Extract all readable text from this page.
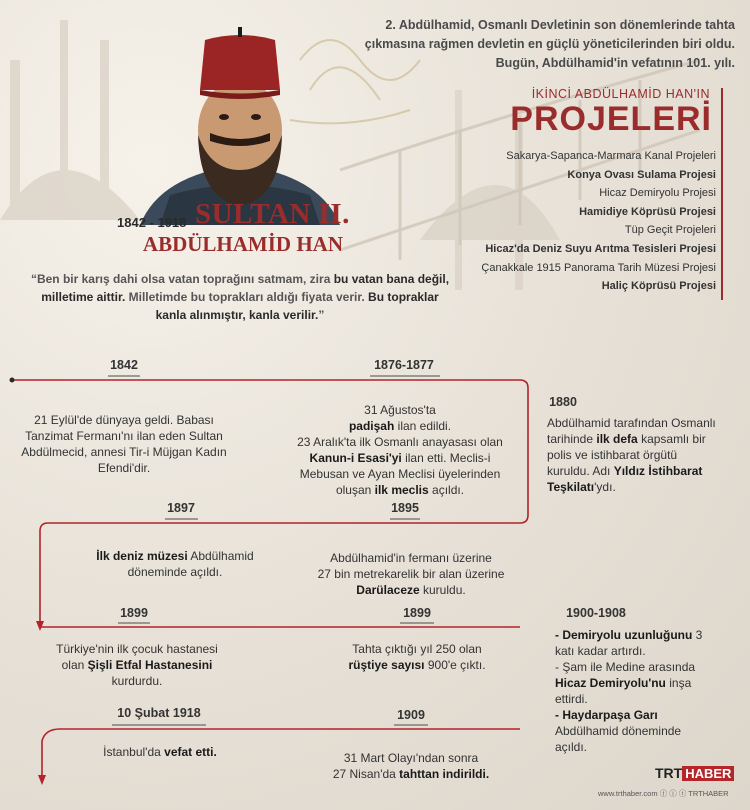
2. Abdülhamid, Osmanlı Devletinin son dönemlerinde tahta çıkmasına rağmen devletin en güçlü yöneticilerinden biri oldu. Bugün, Abdülhamid'in vefatının 101. yılı.
İKİNCİ ABDÜLHAMİD HAN'IN
PROJELERİ
Sakarya-Sapanca-Marmara Kanal Projeleri
Konya Ovası Sulama Projesi
Hicaz Demiryolu Projesi
Hamidiye Köprüsü Projesi
Tüp Geçit Projeleri
Hicaz'da Deniz Suyu Arıtma Tesisleri Projesi
Çanakkale 1915 Panorama Tarih Müzesi Projesi
Haliç Köprüsü Projesi
1842 - 1918 SULTAN II.
ABDÜLHAMİD HAN
“Ben bir karış dahi olsa vatan toprağını satmam, zira bu vatan bana değil, milletime aittir. Milletimde bu toprakları aldığı fiyata verir. Bu topraklar kanla alınmıştır, kanla verilir.”
1842
21 Eylül'de dünyaya geldi. Babası
Tanzimat Fermanı'nı ilan eden Sultan
Abdülmecid, annesi Tir-i Müjgan Kadın
Efendi'dir.
1876-1877
31 Ağustos'ta
padişah ilan edildi.
23 Aralık'ta ilk Osmanlı anayasası olan
Kanun-i Esasi'yi ilan etti. Meclis-i
Mebusan ve Ayan Meclisi üyelerinden
oluşan ilk meclis açıldı.
1880
Abdülhamid tarafından Osmanlı
tarihinde ilk defa kapsamlı bir
polis ve istihbarat örgütü
kuruldu. Adı Yıldız İstihbarat
Teşkilatı'ydı.
1897
İlk deniz müzesi Abdülhamid
döneminde açıldı.
1895
Abdülhamid'in fermanı üzerine
27 bin metrekarelik bir alan üzerine
Darülaceze kuruldu.
1899
Türkiye'nin ilk çocuk hastanesi
olan Şişli Etfal Hastanesini
kurdurdu.
1899
Tahta çıktığı yıl 250 olan
rüştiye sayısı 900'e çıktı.
1900-1908
- Demiryolu uzunluğunu 3
katı kadar artırdı.
- Şam ile Medine arasında
Hicaz Demiryolu'nu inşa
ettirdi.
- Haydarpaşa Garı
Abdülhamid döneminde
açıldı.
10 Şubat 1918
İstanbul'da vefat etti.
1909
31 Mart Olayı'ndan sonra
27 Nisan'da tahttan indirildi.	TRT HABER
www.trthaber.com ⓕ ⓘ ⓣ TRTHABER
